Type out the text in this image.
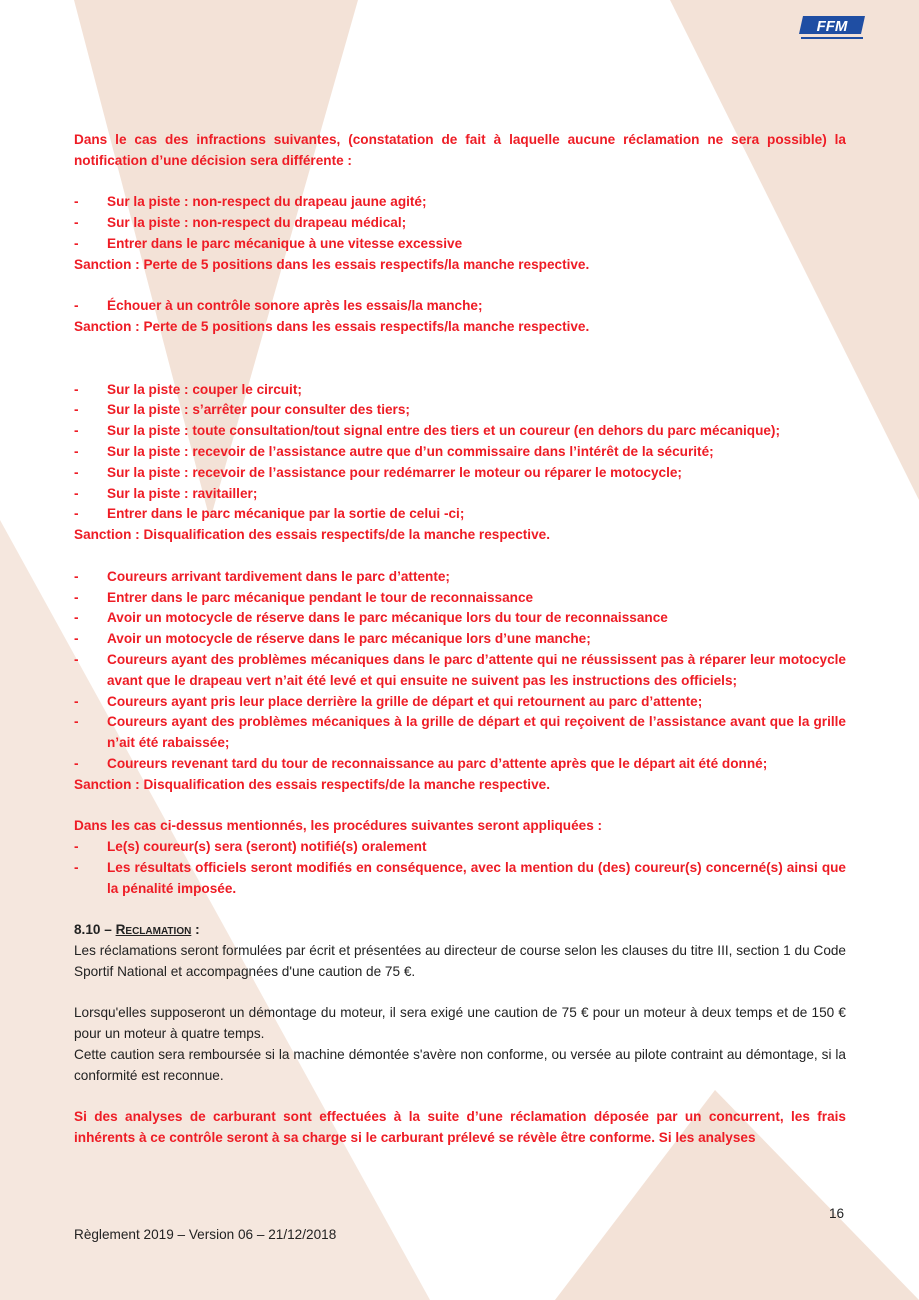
FFM

Dans le cas des infractions suivantes, (constatation de fait à laquelle aucune réclamation ne sera possible) la notification d’une décision sera différente :

- Sur la piste : non-respect du drapeau jaune agité;
- Sur la piste : non-respect du drapeau médical;
- Entrer dans le parc mécanique à une vitesse excessive

Sanction : Perte de 5 positions dans les essais respectifs/la manche respective.

- Échouer à un contrôle sonore après les essais/la manche;

Sanction : Perte de 5 positions dans les essais respectifs/la manche respective.

- Sur la piste : couper le circuit;
- Sur la piste : s’arrêter pour consulter des tiers;
- Sur la piste : toute consultation/tout signal entre des tiers et un coureur (en dehors du parc mécanique);
- Sur la piste : recevoir de l’assistance autre que d’un commissaire dans l’intérêt de la sécurité;
- Sur la piste : recevoir de l’assistance pour redémarrer le moteur ou réparer le motocycle;
- Sur la piste : ravitailler;
- Entrer dans le parc mécanique par la sortie de celui -ci;

Sanction : Disqualification des essais respectifs/de la manche respective.

- Coureurs arrivant tardivement dans le parc d’attente;
- Entrer dans le parc mécanique pendant le tour de reconnaissance
- Avoir un motocycle de réserve dans le parc mécanique lors du tour de reconnaissance
- Avoir un motocycle de réserve dans le parc mécanique lors d’une manche;
- Coureurs ayant des problèmes mécaniques dans le parc d’attente qui ne réussissent pas à réparer leur motocycle avant que le drapeau vert n’ait été levé et qui ensuite ne suivent pas les instructions des officiels;
- Coureurs ayant pris leur place derrière la grille de départ et qui retournent au parc d’attente;
- Coureurs ayant des problèmes mécaniques à la grille de départ et qui reçoivent de l’assistance avant que la grille n’ait été rabaissée;
- Coureurs revenant tard du tour de reconnaissance au parc d’attente après que le départ ait été donné;

Sanction : Disqualification des essais respectifs/de la manche respective.

Dans les cas ci-dessus mentionnés, les procédures suivantes seront appliquées :

- Le(s) coureur(s) sera (seront) notifié(s) oralement
- Les résultats officiels seront modifiés en conséquence, avec la mention du (des) coureur(s) concerné(s) ainsi que la pénalité imposée.

8.10 – Reclamation :

Les réclamations seront formulées par écrit et présentées au directeur de course selon les clauses du titre III, section 1 du Code Sportif National et accompagnées d'une caution de 75 €.

Lorsqu'elles supposeront un démontage du moteur, il sera exigé une caution de 75 € pour un moteur à deux temps et de 150 € pour un moteur à quatre temps.

Cette caution sera remboursée si la machine démontée s'avère non conforme, ou versée au pilote contraint au démontage, si la conformité est reconnue.

Si des analyses de carburant sont effectuées à la suite d’une réclamation déposée par un concurrent, les frais inhérents à ce contrôle seront à sa charge si le carburant prélevé se révèle être conforme. Si les analyses

16
Règlement 2019 – Version 06 – 21/12/2018
